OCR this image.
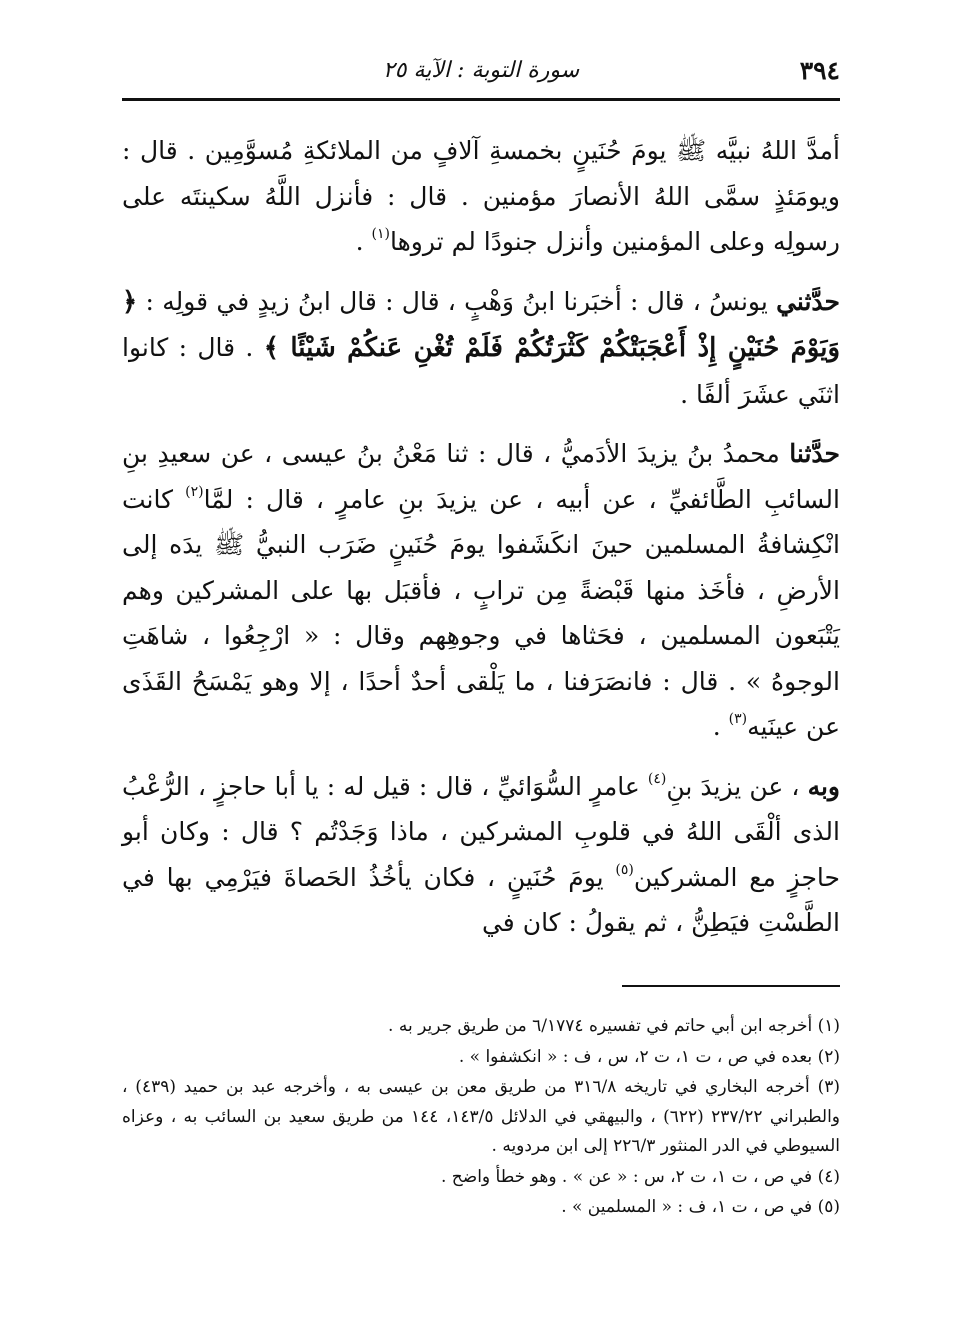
٣٩٤
سورة التوبة : الآية ٢٥

أمدَّ اللهُ نبيَّه ﷺ يومَ حُنَينٍ بخمسةِ آلافٍ من الملائكةِ مُسوَّمِين . قال : ويومَئذٍ سمَّى اللهُ الأنصارَ مؤمنين . قال : فأنزل اللَّهُ سكينتَه على رسولِه وعلى المؤمنين وأنزل جنودًا لم تروها$^{(١)}$ .

حدَّثني يونسُ ، قال : أخبَرنا ابنُ وَهْبٍ ، قال : قال ابنُ زيدٍ في قولِه : ﴿ وَيَوْمَ حُنَيْنٍ إِذْ أَعْجَبَتْكُمْ كَثْرَتُكُمْ فَلَمْ تُغْنِ عَنكُمْ شَيْئًا ﴾ . قال : كانوا اثنَي عشَرَ ألفًا .

حدَّثنا محمدُ بنُ يزيدَ الأدَميُّ ، قال : ثنا مَعْنُ بنُ عيسى ، عن سعيدِ بنِ السائبِ الطَّائفيِّ ، عن أبيه ، عن يزيدَ بنِ عامرٍ ، قال : لمَّا$^{(٢)}$ كانت انْكِشافةُ المسلمين حينَ انكَشَفوا يومَ حُنَينٍ ضَرَب النبيُّ ﷺ يدَه إلى الأرضِ ، فأخَذ منها قَبْضةً مِن ترابٍ ، فأقبَل بها على المشركين وهم يَتْبَعون المسلمين ، فحَثاها في وجوهِهم وقال : « ارْجِعُوا ، شاهَتِ الوجوهُ » . قال : فانصَرَفنا ، ما يَلْقى أحدٌ أحدًا ، إلا وهو يَمْسَحُ القَذَى عن عينَيه$^{(٣)}$ .

وبه ، عن يزيدَ بنِ$^{(٤)}$ عامرٍ السُّوَائيِّ ، قال : قيل له : يا أبا حاجزٍ ، الرُّعْبُ الذى ألْقَى اللهُ في قلوبِ المشركين ، ماذا وَجَدْتُم ؟ قال : وكان أبو حاجزٍ مع المشركين$^{(٥)}$ يومَ حُنَينٍ ، فكان يأخُذُ الحَصاةَ فيَرْمِي بها في الطَّسْتِ فيَطِنُّ ، ثم يقولُ : كان في

(١) أخرجه ابن أبي حاتم في تفسيره ٦/١٧٧٤ من طريق جرير به .

(٢) بعده في ص ، ت ١، ت ٢، س ، ف : « انكشفوا » .

(٣) أخرجه البخاري في تاريخه ٣١٦/٨ من طريق معن بن عيسى به ، وأخرجه عبد بن حميد (٤٣٩) ، والطبراني ٢٣٧/٢٢ (٦٢٢) ، والبيهقي في الدلائل ١٤٣/٥، ١٤٤ من طريق سعيد بن السائب به ، وعزاه السيوطي في الدر المنثور ٢٢٦/٣ إلى ابن مردويه .

(٤) في ص ، ت ١، ت ٢، س : « عن » . وهو خطأ واضح .

(٥) في ص ، ت ١، ف : « المسلمين » .
